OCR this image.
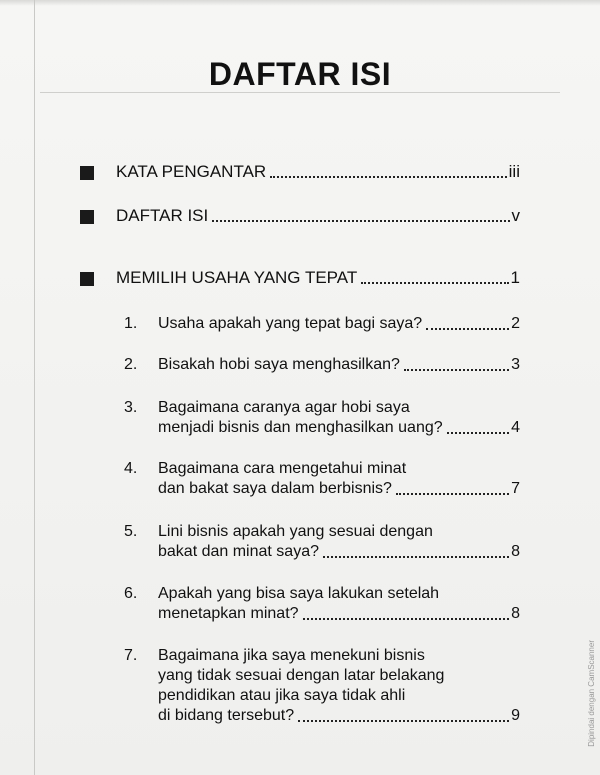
DAFTAR ISI
KATA PENGANTAR	iii
DAFTAR ISI	v
MEMILIH USAHA YANG TEPAT	1
1.	Usaha apakah yang tepat bagi saya?	2
2.	Bisakah hobi saya menghasilkan?	3
3.	Bagaimana caranya agar hobi saya
menjadi bisnis dan menghasilkan uang?	4
4.	Bagaimana cara mengetahui minat
dan bakat saya dalam berbisnis?	7
5.	Lini bisnis apakah yang sesuai dengan
bakat dan minat saya?	8
6.	Apakah yang bisa saya lakukan setelah
menetapkan minat?	8
7.	Bagaimana jika saya menekuni bisnis
yang tidak sesuai dengan latar belakang
pendidikan atau jika saya tidak ahli
di bidang tersebut?	9	Dipindai dengan CamScanner
